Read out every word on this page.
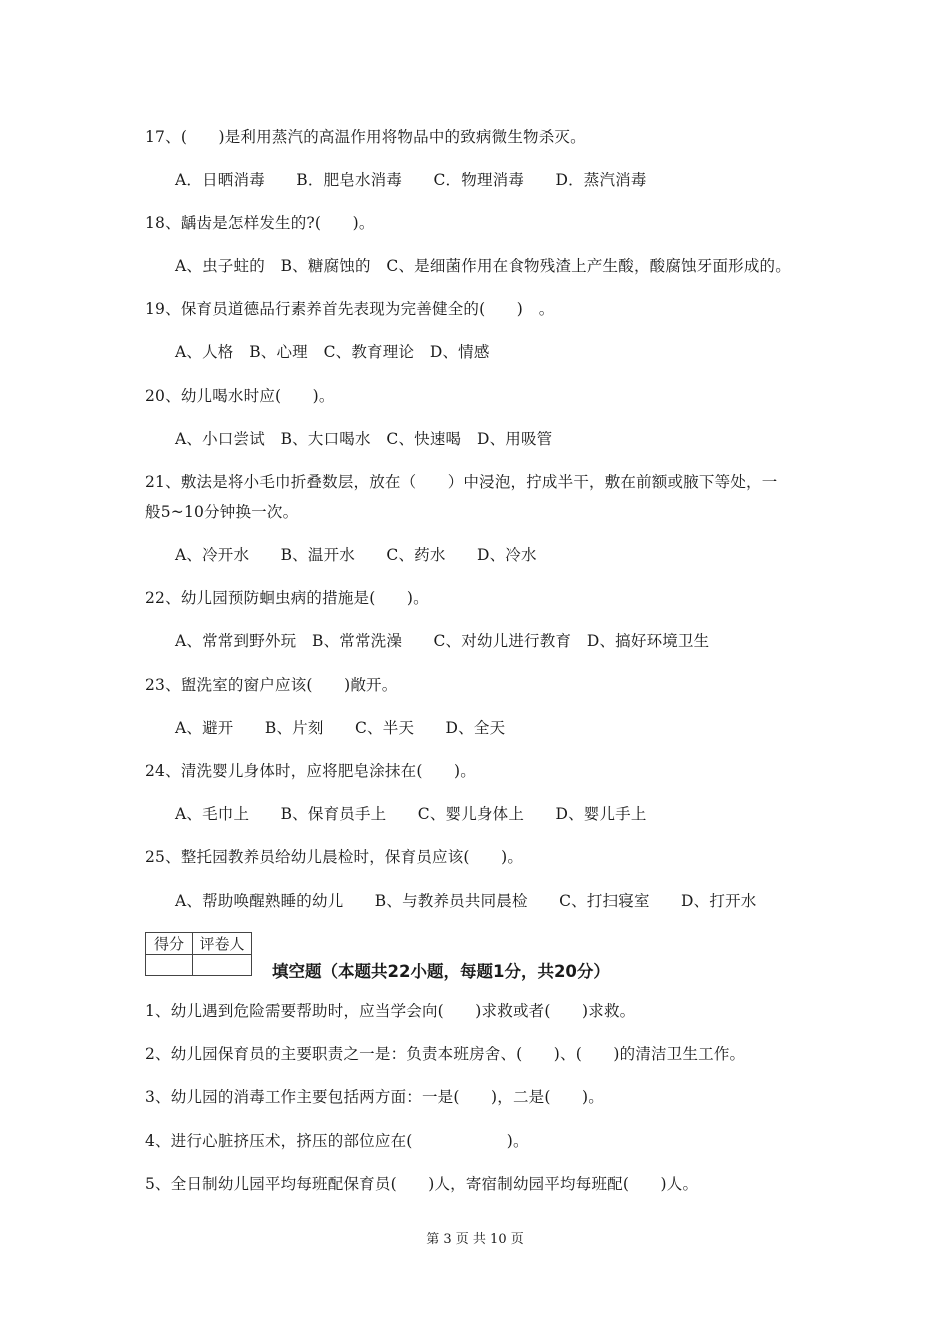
17、(　　)是利用蒸汽的高温作用将物品中的致病微生物杀灭。
A．日晒消毒　　B．肥皂水消毒　　C．物理消毒　　D．蒸汽消毒
18、龋齿是怎样发生的?(　　)。
A、虫子蛀的　B、糖腐蚀的　C、是细菌作用在食物残渣上产生酸，酸腐蚀牙面形成的。
19、保育员道德品行素养首先表现为完善健全的(　　)　。
A、人格　B、心理　C、教育理论　D、情感
20、幼儿喝水时应(　　)。
A、小口尝试　B、大口喝水　C、快速喝　D、用吸管
21、敷法是将小毛巾折叠数层，放在（　　）中浸泡，拧成半干，敷在前额或腋下等处，一
般5~10分钟换一次。
A、冷开水　　B、温开水　　C、药水　　D、冷水
22、幼儿园预防蛔虫病的措施是(　　)。
A、常常到野外玩　B、常常洗澡　　C、对幼儿进行教育　D、搞好环境卫生
23、盥洗室的窗户应该(　　)敞开。
A、避开　　B、片刻　　C、半天　　D、全天
24、清洗婴儿身体时，应将肥皂涂抹在(　　)。
A、毛巾上　　B、保育员手上　　C、婴儿身体上　　D、婴儿手上
25、整托园教养员给幼儿晨检时，保育员应该(　　)。
A、帮助唤醒熟睡的幼儿　　B、与教养员共同晨检　　C、打扫寝室　　D、打开水
得分	评卷人

填空题（本题共22小题，每题1分，共20分）
1、幼儿遇到危险需要帮助时，应当学会向(　　)求救或者(　　)求救。
2、幼儿园保育员的主要职责之一是：负责本班房舍、(　　)、(　　)的清洁卫生工作。
3、幼儿园的消毒工作主要包括两方面：一是(　　)，二是(　　)。
4、进行心脏挤压术，挤压的部位应在(　　　　　　)。
5、全日制幼儿园平均每班配保育员(　　)人，寄宿制幼园平均每班配(　　)人。
第 3 页 共 10 页
